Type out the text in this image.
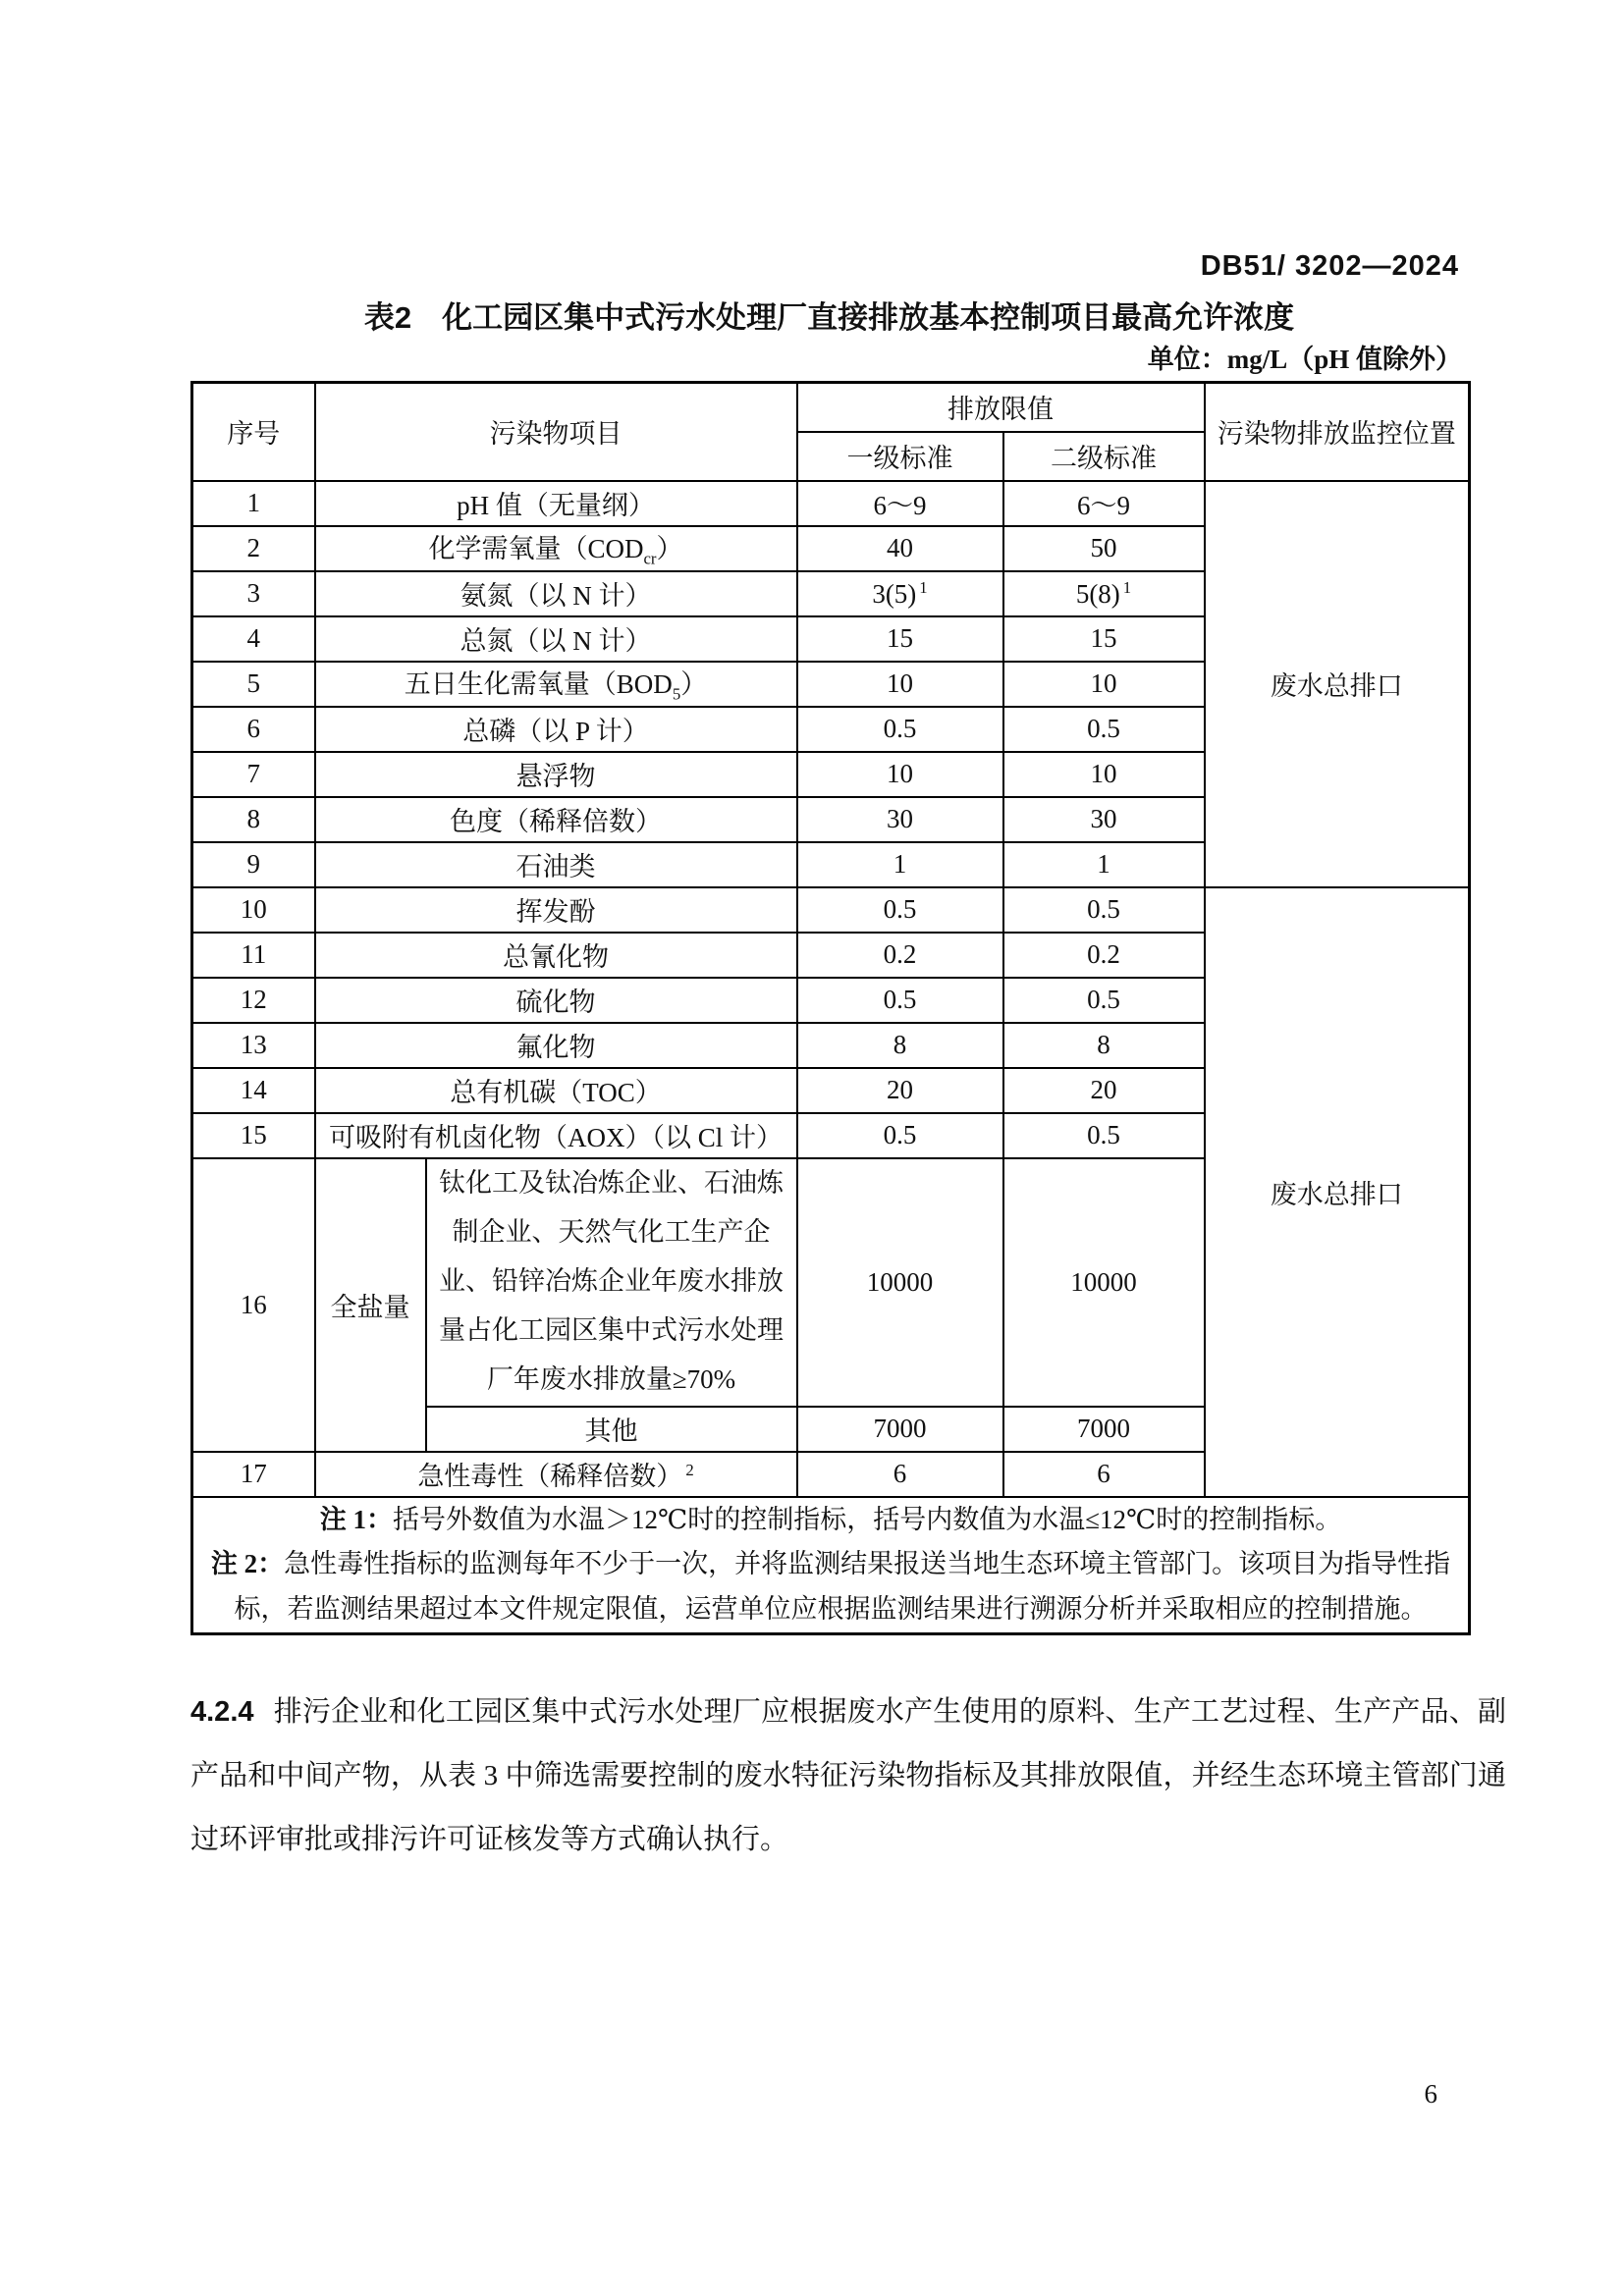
DB51/ 3202—2024
表2　化工园区集中式污水处理厂直接排放基本控制项目最高允许浓度
单位：mg/L（pH 值除外）
序号	污染物项目		排放限值		污染物排放监控位置
			一级标准	二级标准	
1	pH 值（无量纲）		6～9	6～9	废水总排口
2	化学需氧量$(COD_{cr})$		40	50	
3	氨氮（以 N 计）		3(5) $^1$	5(8) $^1$
4	总氮（以 N 计）		15	15	
5	五日生化需氧量$(BOD_5)$		10	10	
6	总磷（以 P 计）		0.5	0.5	
7	悬浮物		10	10	
8	色度（稀释倍数）		30	30	
9	石油类		1	1	
10	挥发酚		0.5	0.5	废水总排口
11	总氰化物		0.2	0.2	
12	硫化物		0.5	0.5	
13	氟化物		8	8	
14	总有机碳（TOC）		20	20	
15	可吸附有机卤化物（AOX）（以 Cl 计）		0.5	0.5	
16	全盐量	钛化工及钛冶炼企业、石油炼制企业、天然气化工生产企业、铅锌冶炼企业年废水排放量占化工园区集中式污水处理厂年废水排放量≥70%	10000	10000	
		其他	7000	7000	
17	急性毒性（稀释倍数） $^2$		6	6	

注 1：括号外数值为水温＞12℃时的控制指标，括号内数值为水温≤12℃时的控制指标。
注 2：急性毒性指标的监测每年不少于一次，并将监测结果报送当地生态环境主管部门。该项目为指导性指标，若监测结果超过本文件规定限值，运营单位应根据监测结果进行溯源分析并采取相应的控制措施。					

4.2.4 排污企业和化工园区集中式污水处理厂应根据废水产生使用的原料、生产工艺过程、生产产品、副产品和中间产物，从表 3 中筛选需要控制的废水特征污染物指标及其排放限值，并经生态环境主管部门通过环评审批或排污许可证核发等方式确认执行。

6
